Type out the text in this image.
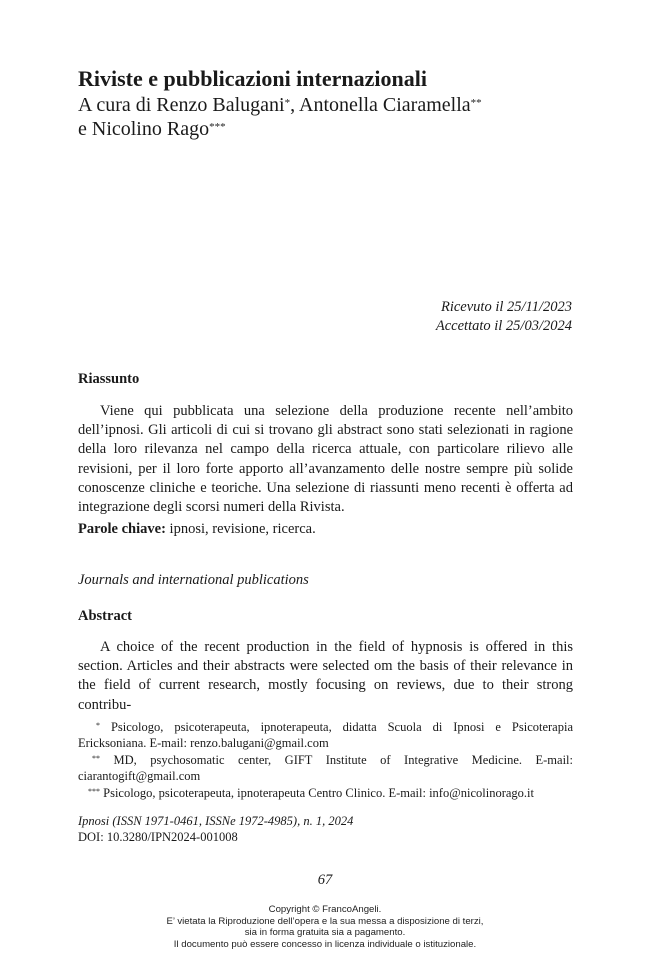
Riviste e pubblicazioni internazionali
A cura di Renzo Balugani*, Antonella Ciaramella**
e Nicolino Rago***
Ricevuto il 25/11/2023
Accettato il 25/03/2024
Riassunto
Viene qui pubblicata una selezione della produzione recente nell’ambito dell’ipnosi. Gli articoli di cui si trovano gli abstract sono stati selezionati in ragione della loro rilevanza nel campo della ricerca attuale, con particolare rilievo alle revisioni, per il loro forte apporto all’avanzamento delle nostre sempre più solide conoscenze cliniche e teoriche. Una selezione di riassunti meno recenti è offerta ad integrazione degli scorsi numeri della Rivista.
Parole chiave: ipnosi, revisione, ricerca.
Journals and international publications
Abstract
A choice of the recent production in the field of hypnosis is offered in this section. Articles and their abstracts were selected om the basis of their relevance in the field of current research, mostly focusing on reviews, due to their strong contribu-
* Psicologo, psicoterapeuta, ipnoterapeuta, didatta Scuola di Ipnosi e Psicoterapia Ericksoniana. E-mail: renzo.balugani@gmail.com
** MD, psychosomatic center, GIFT Institute of Integrative Medicine. E-mail: ciarantogift@gmail.com
*** Psicologo, psicoterapeuta, ipnoterapeuta Centro Clinico. E-mail: info@nicolinorago.it
Ipnosi (ISSN 1971-0461, ISSNe 1972-4985), n. 1, 2024
DOI: 10.3280/IPN2024-001008
67
Copyright © FrancoAngeli.
E’ vietata la Riproduzione dell’opera e la sua messa a disposizione di terzi,
sia in forma gratuita sia a pagamento.
Il documento può essere concesso in licenza individuale o istituzionale.
